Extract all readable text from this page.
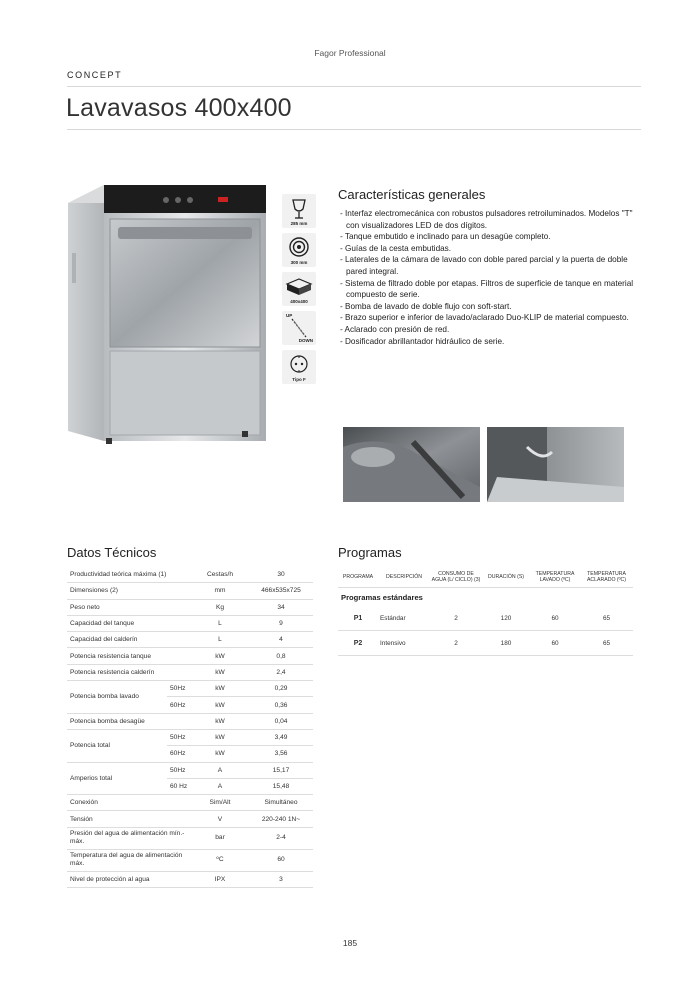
Fagor Professional
CONCEPT
Lavavasos 400x400
285 mm
300 mm
400x400
UP
DOWN
Tipo F
Características generales
- Interfaz electromecánica con robustos pulsadores retroiluminados. Modelos "T" con visualizadores LED de dos dígitos.
- Tanque embutido e inclinado para un desagüe completo.
- Guías de la cesta embutidas.
- Laterales de la cámara de lavado con doble pared parcial y la puerta de doble pared integral.
- Sistema de filtrado doble por etapas. Filtros de superficie de tanque en material compuesto de serie.
- Bomba de lavado de doble flujo con soft-start.
- Brazo superior e inferior de lavado/aclarado Duo-KLIP de material compuesto.
- Aclarado con presión de red.
- Dosificador abrillantador hidráulico de serie.
Datos Técnicos
Productividad teórica máxima (1)		Cestas/h	30
Dimensiones (2)		mm	466x535x725
Peso neto		Kg	34
Capacidad del tanque		L	9
Capacidad del calderín		L	4
Potencia resistencia tanque		kW	0,8
Potencia resistencia calderín		kW	2,4
Potencia bomba lavado	50Hz	kW	0,29
	60Hz	kW	0,36
Potencia bomba desagüe		kW	0,04
Potencia total	50Hz	kW	3,49
	60Hz	kW	3,56
Amperios total	50Hz	A	15,17
	60 Hz	A	15,48
Conexión		Sim/Alt	Simultáneo
Tensión		V	220-240 1N~
Presión del agua de alimentación mín.-máx.		bar	2-4
Temperatura del agua de alimentación máx.		ºC	60
Nivel de protección al agua		IPX	3
Programas
PROGRAMA	DESCRIPCIÓN	CONSUMO DE AGUA (L/ CICLO) (3)	DURACIÓN (S)	TEMPERATURA LAVADO (ºC)	TEMPERATURA ACLARADO (ºC)
Programas estándares					
P1	Estándar	2	120	60	65
P2	Intensivo	2	180	60	65
185
